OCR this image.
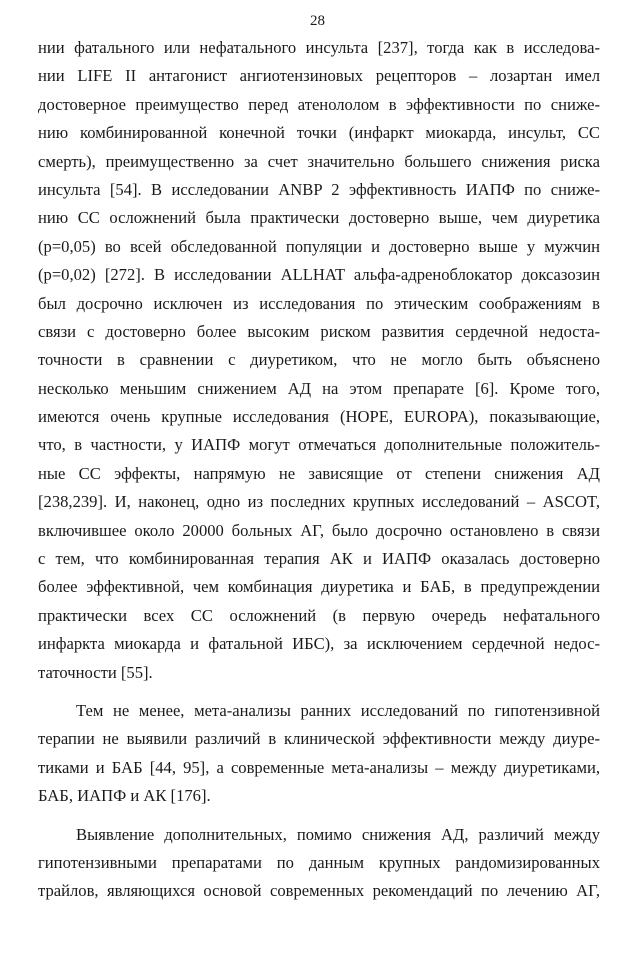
28

нии фатального или нефатального инсульта [237], тогда как в исследова-
нии LIFE II антагонист ангиотензиновых рецепторов – лозартан имел
достоверное преимущество перед атенололом в эффективности по сниже-
нию комбинированной конечной точки (инфаркт миокарда, инсульт, СС
смерть), преимущественно за счет значительно большего снижения риска
инсульта [54]. В исследовании ANBP 2 эффективность ИАПФ по сниже-
нию СС осложнений была практически достоверно выше, чем диуретика
(р=0,05) во всей обследованной популяции и достоверно выше у мужчин
(р=0,02) [272]. В исследовании ALLHAT альфа-адреноблокатор доксазозин
был досрочно исключен из исследования по этическим соображениям в
связи с достоверно более высоким риском развития сердечной недоста-
точности в сравнении с диуретиком, что не могло быть объяснено
несколько меньшим снижением АД на этом препарате [6]. Кроме того,
имеются очень крупные исследования (HOPE, EUROPA), показывающие,
что, в частности, у ИАПФ могут отмечаться дополнительные положитель-
ные СС эффекты, напрямую не зависящие от степени снижения АД
[238,239]. И, наконец, одно из последних крупных исследований – ASCOT,
включившее около 20000 больных АГ, было досрочно остановлено в связи
с тем, что комбинированная терапия АК и ИАПФ оказалась достоверно
более эффективной, чем комбинация диуретика и БАБ, в предупреждении
практически всех СС осложнений (в первую очередь нефатального
инфаркта миокарда и фатальной ИБС), за исключением сердечной недос-
таточности [55].

Тем не менее, мета-анализы ранних исследований по гипотензивной
терапии не выявили различий в клинической эффективности между диуре-
тиками и БАБ [44, 95], а современные мета-анализы – между диуретиками,
БАБ, ИАПФ и АК [176].

Выявление дополнительных, помимо снижения АД, различий между
гипотензивными препаратами по данным крупных рандомизированных
трайлов, являющихся основой современных рекомендаций по лечению АГ,
